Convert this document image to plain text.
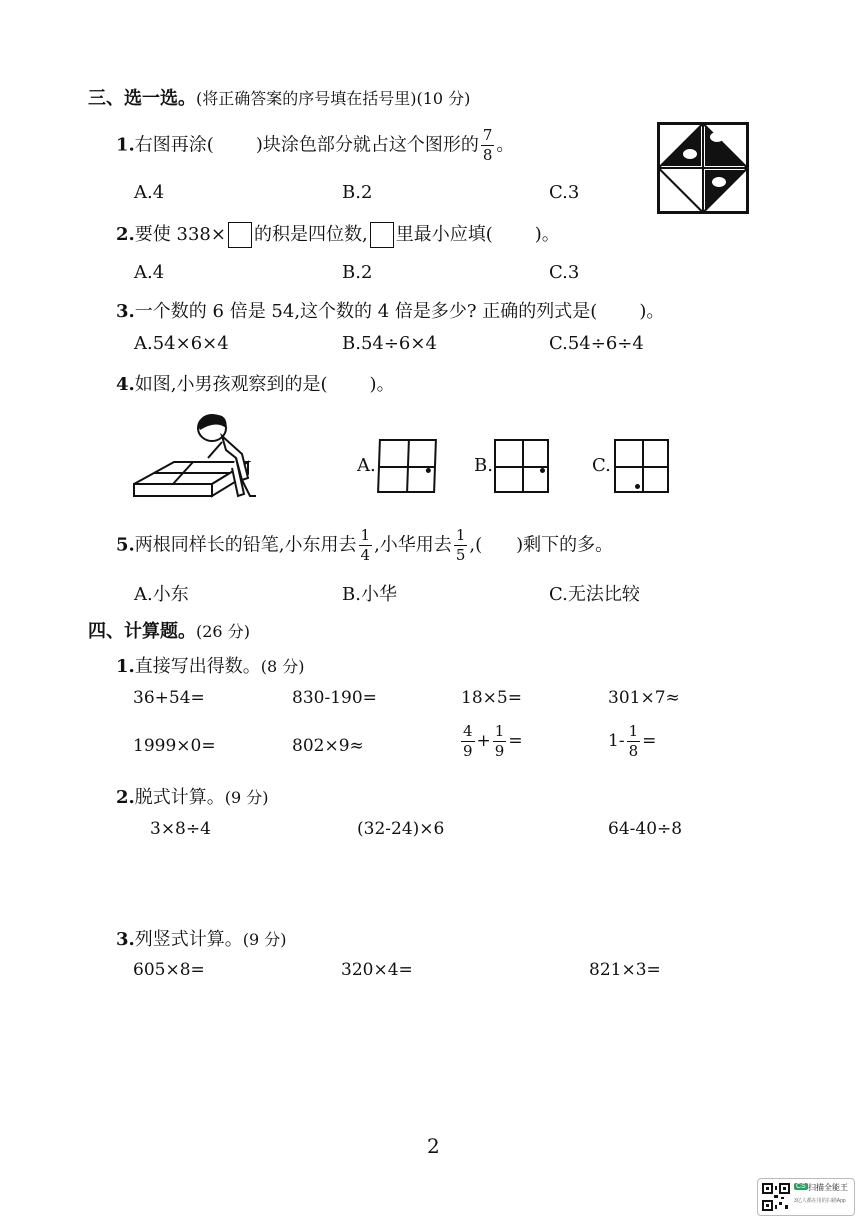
三、选一选。(将正确答案的序号填在括号里)(10 分)
1.右图再涂( )块涂色部分就占这个图形的 $\frac{7}{8}$ 。
A.4	B.2	C.3
2.要使 338× 的积是四位数, 里最小应填( )。
A.4	B.2	C.3
3.一个数的 6 倍是 54,这个数的 4 倍是多少? 正确的列式是( )。
A.54×6×4	B.54÷6×4	C.54÷6÷4
4.如图,小男孩观察到的是( )。
A.	B.	C.
5.两根同样长的铅笔,小东用去 $\frac{1}{4}$ ,小华用去 $\frac{1}{5}$ ,( )剩下的多。
A.小东	B.小华	C.无法比较
四、计算题。(26 分)
1.直接写出得数。(8 分)
36+54=	830-190=	18×5=	301×7≈
1999×0=	802×9≈	$\frac{4}{9} + \frac{1}{9}$ =	$1- \frac{1}{8}$ =
2.脱式计算。(9 分)
3×8÷4	(32-24)×6	64-40÷8
3.列竖式计算。(9 分)
605×8=	320×4=	821×3=
2
CS 扫描全能王
3亿人都在用的扫描App
